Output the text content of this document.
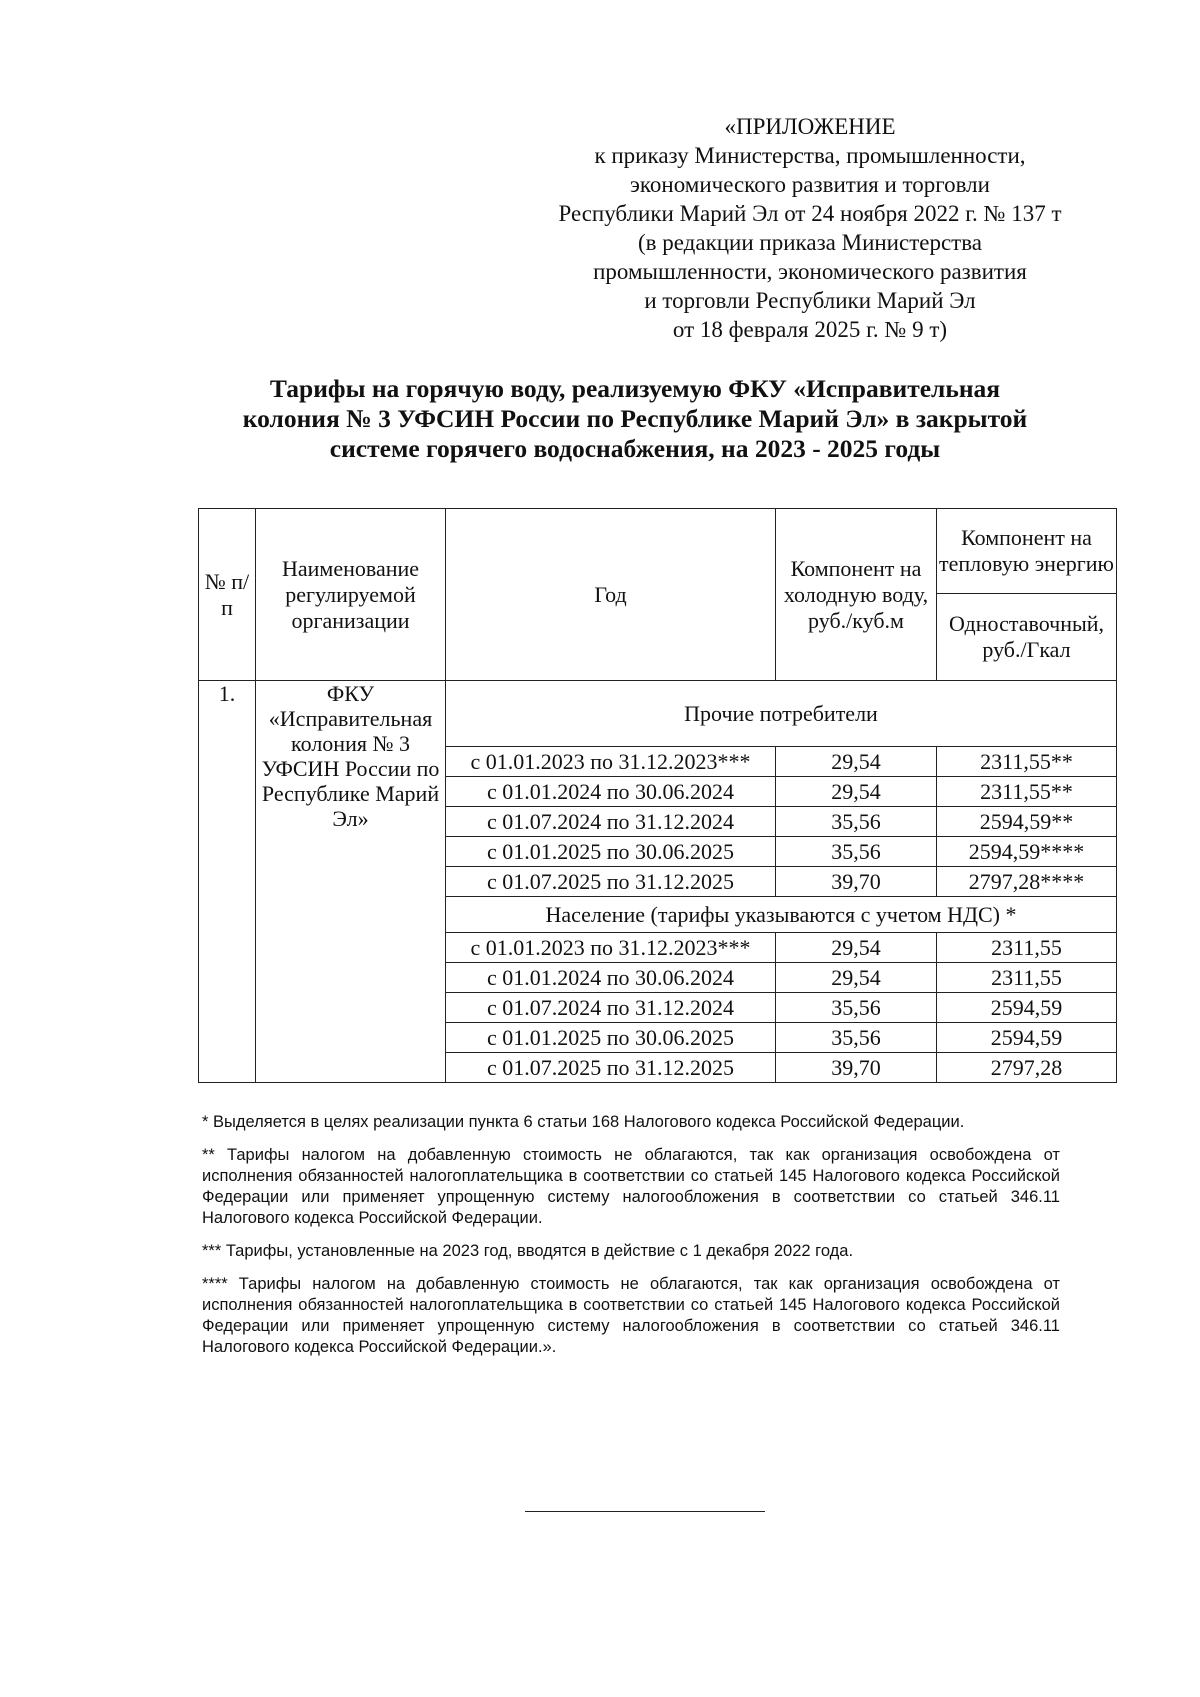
«ПРИЛОЖЕНИЕ
к приказу Министерства, промышленности,
экономического развития и торговли
Республики Марий Эл от 24 ноября 2022 г. № 137 т
(в редакции приказа Министерства
промышленности, экономического развития
и торговли Республики Марий Эл
от 18 февраля 2025 г. № 9 т)
Тарифы на горячую воду, реализуемую ФКУ «Исправительная
колония № 3 УФСИН России по Республике Марий Эл» в закрытой
системе горячего водоснабжения, на 2023 - 2025 годы
№ п/п	Наименование регулируемой организации	Год	Компонент на холодную воду, руб./куб.м	Компонент на тепловую энергию
				Одноставочный, руб./Гкал
1.	ФКУ «Исправительная колония № 3 УФСИН России по Республике Марий Эл»	Прочие потребители		
		с 01.01.2023 по 31.12.2023***	29,54	2311,55**
		с 01.01.2024 по 30.06.2024	29,54	2311,55**
		с 01.07.2024 по 31.12.2024	35,56	2594,59**
		с 01.01.2025 по 30.06.2025	35,56	2594,59****
		с 01.07.2025 по 31.12.2025	39,70	2797,28****
		Население (тарифы указываются с учетом НДС) *		
		с 01.01.2023 по 31.12.2023***	29,54	2311,55
		с 01.01.2024 по 30.06.2024	29,54	2311,55
		с 01.07.2024 по 31.12.2024	35,56	2594,59
		с 01.01.2025 по 30.06.2025	35,56	2594,59
		с 01.07.2025 по 31.12.2025	39,70	2797,28

* Выделяется в целях реализации пункта 6 статьи 168 Налогового кодекса Российской Федерации.

** Тарифы налогом на добавленную стоимость не облагаются, так как организация освобождена от исполнения обязанностей налогоплательщика в соответствии со статьей 145 Налогового кодекса Российской Федерации или применяет упрощенную систему налогообложения в соответствии со статьей 346.11 Налогового кодекса Российской Федерации.

*** Тарифы, установленные на 2023 год, вводятся в действие с 1 декабря 2022 года.

**** Тарифы налогом на добавленную стоимость не облагаются, так как организация освобождена от исполнения обязанностей налогоплательщика в соответствии со статьей 145 Налогового кодекса Российской Федерации или применяет упрощенную систему налогообложения в соответствии со статьей 346.11 Налогового кодекса Российской Федерации.».
